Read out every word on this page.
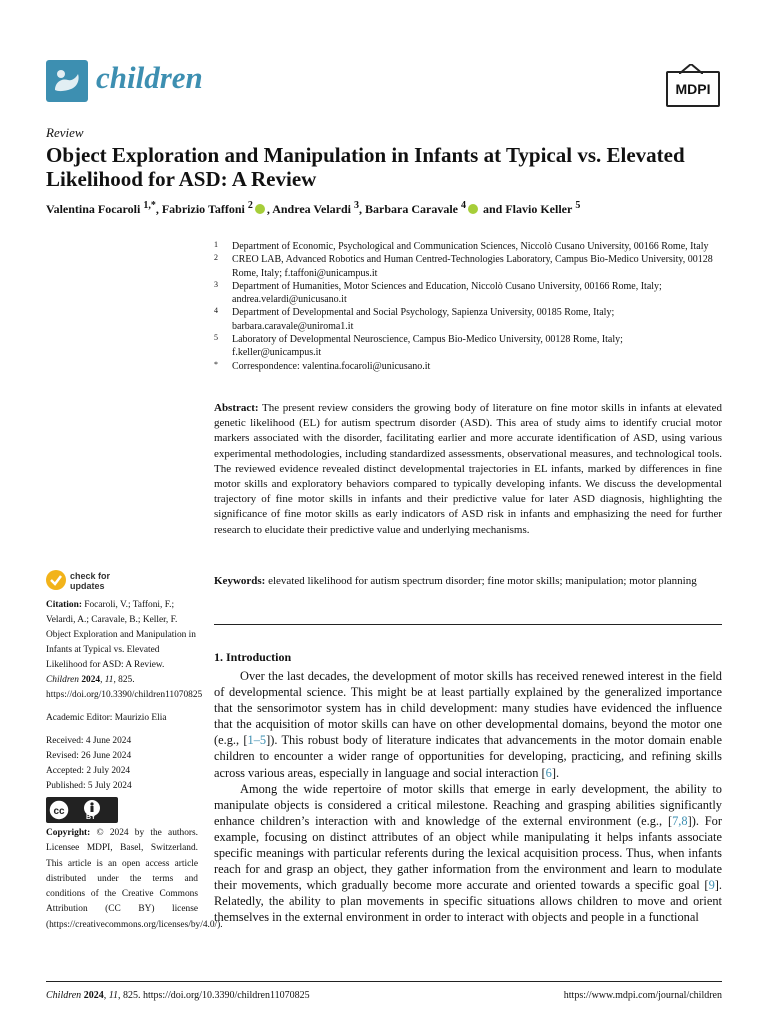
children	MDPI
Review
Object Exploration and Manipulation in Infants at Typical vs. Elevated Likelihood for ASD: A Review
Valentina Focaroli $^{1,*}$, Fabrizio Taffoni $^2$ , Andrea Velardi $^3$, Barbara Caravale $^4$ and Flavio Keller $^5$
1 Department of Economic, Psychological and Communication Sciences, Niccolò Cusano University, 00166 Rome, Italy
2 CREO LAB, Advanced Robotics and Human Centred-Technologies Laboratory, Campus Bio-Medico University, 00128 Rome, Italy; f.taffoni@unicampus.it
3 Department of Humanities, Motor Sciences and Education, Niccolò Cusano University, 00166 Rome, Italy; andrea.velardi@unicusano.it
4 Department of Developmental and Social Psychology, Sapienza University, 00185 Rome, Italy; barbara.caravale@uniroma1.it
5 Laboratory of Developmental Neuroscience, Campus Bio-Medico University, 00128 Rome, Italy; f.keller@unicampus.it
* Correspondence: valentina.focaroli@unicusano.it
Abstract: The present review considers the growing body of literature on fine motor skills in infants at elevated genetic likelihood (EL) for autism spectrum disorder (ASD). This area of study aims to identify crucial motor markers associated with the disorder, facilitating earlier and more accurate identification of ASD, using various experimental methodologies, including standardized assessments, observational measures, and technological tools. The reviewed evidence revealed distinct developmental trajectories in EL infants, marked by differences in fine motor skills and exploratory behaviors compared to typically developing infants. We discuss the developmental trajectory of fine motor skills in infants and their predictive value for later ASD diagnosis, highlighting the significance of fine motor skills as early indicators of ASD risk in infants and emphasizing the need for further research to elucidate their predictive value and underlying mechanisms.
Keywords: elevated likelihood for autism spectrum disorder; fine motor skills; manipulation; motor planning
check for
updates

Citation: Focaroli, V.; Taffoni, F.; Velardi, A.; Caravale, B.; Keller, F. Object Exploration and Manipulation in Infants at Typical vs. Elevated Likelihood for ASD: A Review. Children 2024, 11, 825. https://doi.org/10.3390/children11070825

Academic Editor: Maurizio Elia

Received: 4 June 2024

Revised: 26 June 2024

Accepted: 2 July 2024

Published: 5 July 2024

cc
BY
Copyright: © 2024 by the authors. Licensee MDPI, Basel, Switzerland. This article is an open access article distributed under the terms and conditions of the Creative Commons Attribution (CC BY) license (https://creativecommons.org/licenses/by/4.0/).
1. Introduction

Over the last decades, the development of motor skills has received renewed interest in the field of developmental science. This might be at least partially explained by the generalized importance that the sensorimotor system has in child development: many studies have evidenced the influence that the acquisition of motor skills can have on other developmental domains, beyond the motor one (e.g., [1–5]). This robust body of literature indicates that advancements in the motor domain enable children to encounter a wider range of opportunities for developing, practicing, and refining skills across various areas, especially in language and social interaction [6].

Among the wide repertoire of motor skills that emerge in early development, the ability to manipulate objects is considered a critical milestone. Reaching and grasping abilities significantly enhance children’s interaction with and knowledge of the external environment (e.g., [7,8]). For example, focusing on distinct attributes of an object while manipulating it helps infants associate specific meanings with particular referents during the lexical acquisition process. Thus, when infants reach for and grasp an object, they gather information from the environment and learn to modulate their movements, which gradually become more accurate and oriented towards a specific goal [9]. Relatedly, the ability to plan movements in specific situations allows children to move and orient themselves in the external environment in order to interact with objects and people in a functional

Children 2024, 11, 825. https://doi.org/10.3390/children11070825	https://www.mdpi.com/journal/children
